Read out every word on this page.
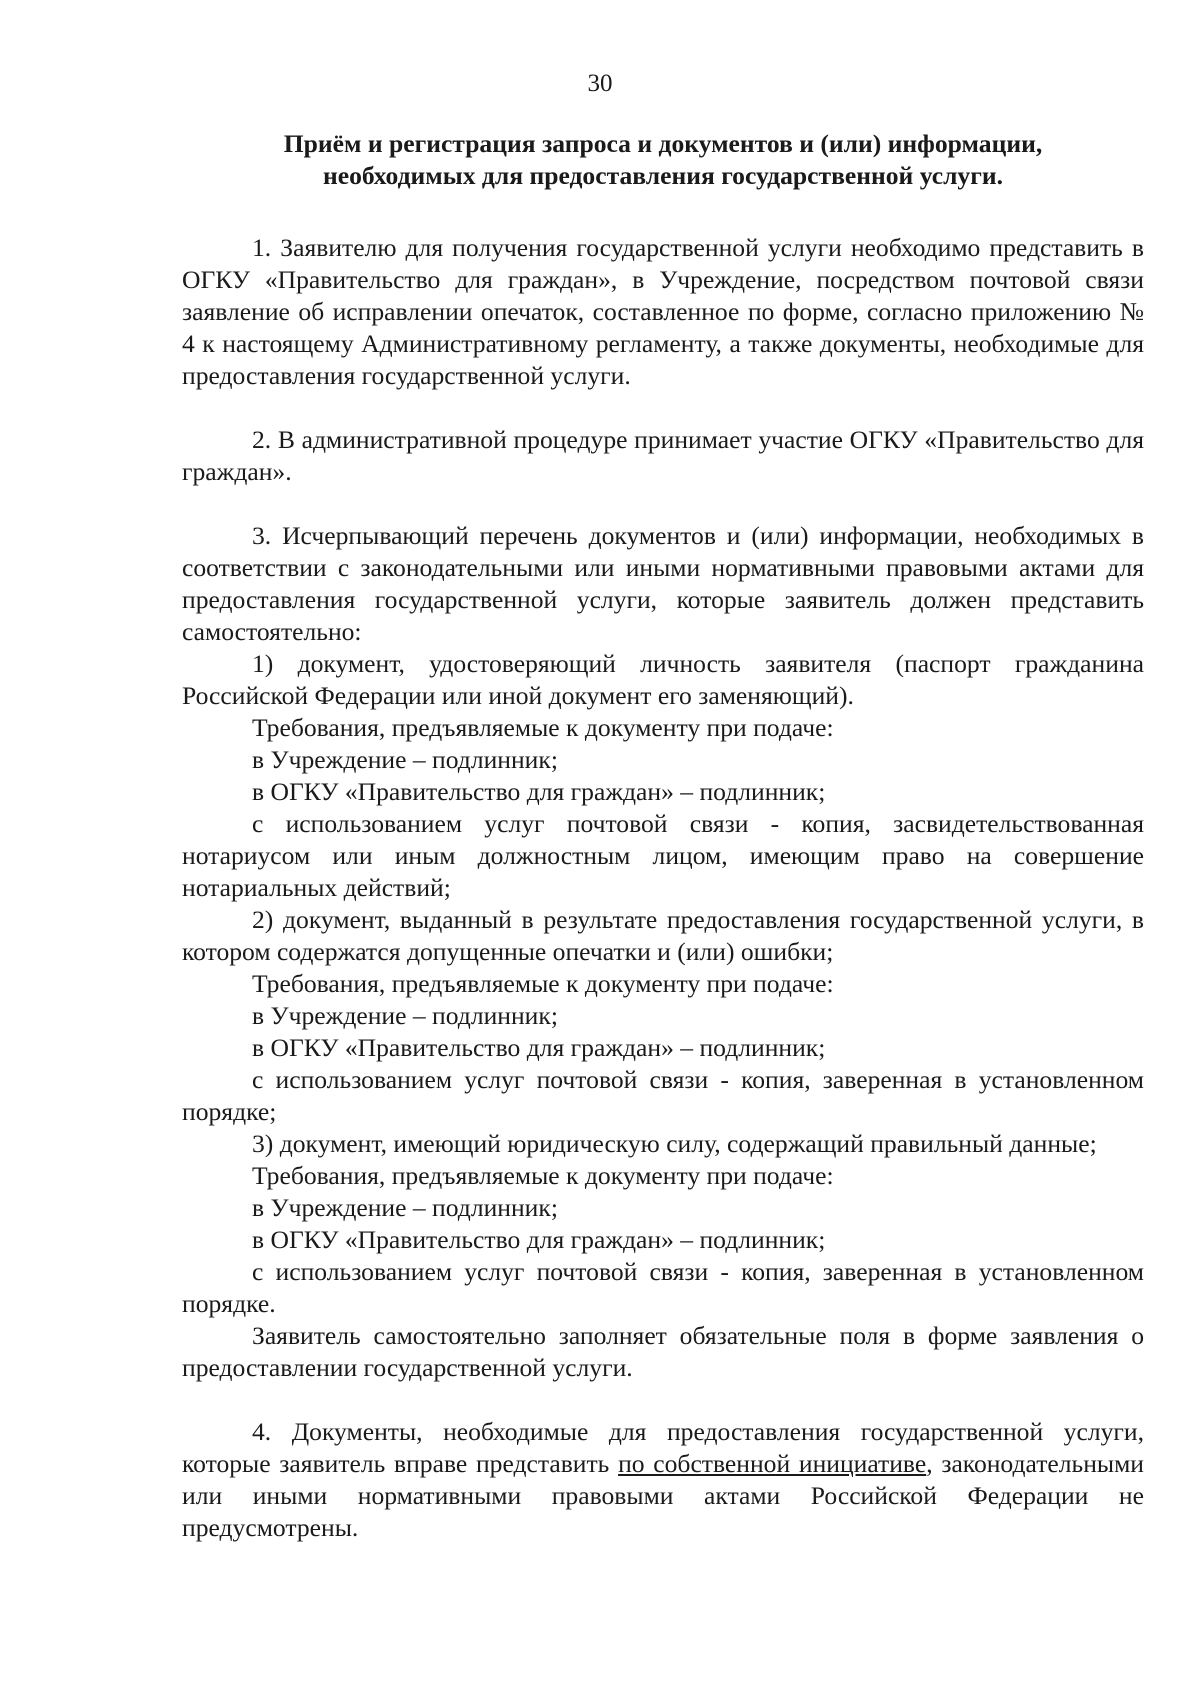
30
Приём и регистрация запроса и документов и (или) информации,
необходимых для предоставления государственной услуги.

1. Заявителю для получения государственной услуги необходимо представить в ОГКУ «Правительство для граждан», в Учреждение, посредством почтовой связи заявление об исправлении опечаток, составленное по форме, согласно приложению № 4 к настоящему Административному регламенту, а также документы, необходимые для предоставления государственной услуги.

2. В административной процедуре принимает участие ОГКУ «Правительство для граждан».

3. Исчерпывающий перечень документов и (или) информации, необходимых в соответствии с законодательными или иными нормативными правовыми актами для предоставления государственной услуги, которые заявитель должен представить самостоятельно:

1) документ, удостоверяющий личность заявителя (паспорт гражданина Российской Федерации или иной документ его заменяющий).

Требования, предъявляемые к документу при подаче:

в Учреждение – подлинник;

в ОГКУ «Правительство для граждан» – подлинник;

с использованием услуг почтовой связи - копия, засвидетельствованная нотариусом или иным должностным лицом, имеющим право на совершение нотариальных действий;

2) документ, выданный в результате предоставления государственной услуги, в котором содержатся допущенные опечатки и (или) ошибки;

Требования, предъявляемые к документу при подаче:

в Учреждение – подлинник;

в ОГКУ «Правительство для граждан» – подлинник;

с использованием услуг почтовой связи - копия, заверенная в установленном порядке;

3) документ, имеющий юридическую силу, содержащий правильный данные;

Требования, предъявляемые к документу при подаче:

в Учреждение – подлинник;

в ОГКУ «Правительство для граждан» – подлинник;

с использованием услуг почтовой связи - копия, заверенная в установленном порядке.

Заявитель самостоятельно заполняет обязательные поля в форме заявления о предоставлении государственной услуги.

4. Документы, необходимые для предоставления государственной услуги, которые заявитель вправе представить по собственной инициативе, законодательными или иными нормативными правовыми актами Российской Федерации не предусмотрены.
